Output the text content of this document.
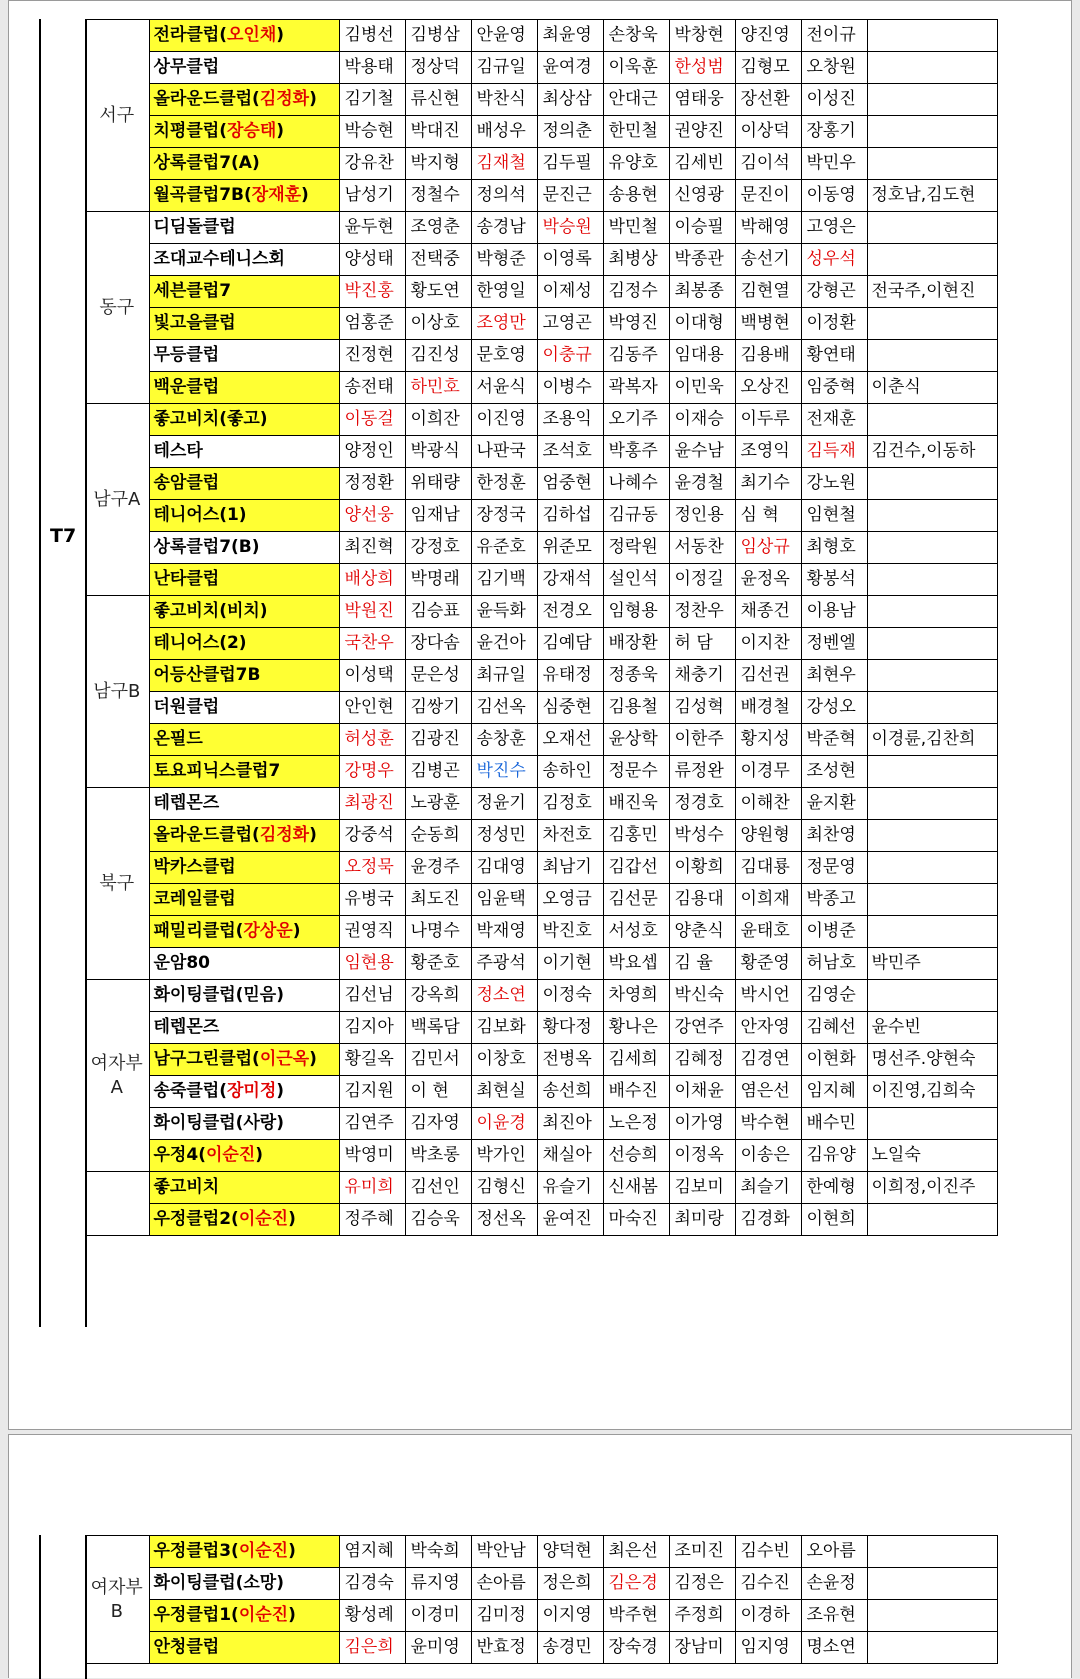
서구	전라클럽(오인채)	김병선	김병삼	안윤영	최윤영	손창욱	박창현	양진영	전이규	
	상무클럽	박용태	정상덕	김규일	윤여경	이욱훈	한성범	김형모	오창원	
	올라운드클럽(김정화)	김기철	류신현	박찬식	최상삼	안대근	염태웅	장선환	이성진	
	치평클럽(장승태)	박승현	박대진	배성우	정의춘	한민철	권양진	이상덕	장홍기	
	상록클럽7(A)	강유찬	박지형	김재철	김두필	유양호	김세빈	김이석	박민우	
	월곡클럽7B(장재훈)	남성기	정철수	정의석	문진근	송용현	신영광	문진이	이동영	정호남,김도현
동구	디딤돌클럽	윤두현	조영춘	송경남	박승원	박민철	이승필	박해영	고영은	
	조대교수테니스회	양성태	전택중	박형준	이영록	최병상	박종관	송선기	성우석	
	세븐클럽7	박진홍	황도연	한영일	이제성	김정수	최봉종	김현열	강형곤	전국주,이현진
	빛고을클럽	엄홍준	이상호	조영만	고영곤	박영진	이대형	백병현	이정환	
	무등클럽	진정현	김진성	문호영	이충규	김동주	임대용	김용배	황연태	
	백운클럽	송전태	하민호	서윤식	이병수	곽복자	이민욱	오상진	임중혁	이춘식
남구A	좋고비치(좋고)	이동걸	이희잔	이진영	조용익	오기주	이재승	이두루	전재훈	
	테스타	양정인	박광식	나판국	조석호	박홍주	윤수남	조영익	김득재	김건수,이동하
	송암클럽	정정환	위태량	한정훈	엄중현	나혜수	윤경철	최기수	강노원	
	테니어스(1)	양선웅	임재남	장정국	김하섭	김규동	정인용	심 혁	임현철	
	상록클럽7(B)	최진혁	강정호	유준호	위준모	정락원	서동찬	임상규	최형호	
	난타클럽	배상희	박명래	김기백	강재석	설인석	이정길	윤정옥	황봉석	
남구B	좋고비치(비치)	박원진	김승표	윤득화	전경오	임형용	정찬우	채종건	이용남	
	테니어스(2)	국찬우	장다솜	윤건아	김예담	배장환	허 담	이지찬	정벤엘	
	어등산클럽7B	이성택	문은성	최규일	유태정	정종욱	채충기	김선권	최현우	
	더원클럽	안인현	김쌍기	김선옥	심중현	김용철	김성혁	배경철	강성오	
	온필드	허성훈	김광진	송창훈	오재선	윤상학	이한주	황지성	박준혁	이경륜,김찬희
	토요피닉스클럽7	강명우	김병곤	박진수	송하인	정문수	류정완	이경무	조성현	
북구	테렙몬즈	최광진	노광훈	정윤기	김정호	배진욱	정경호	이해찬	윤지환	
	올라운드클럽(김정화)	강중석	순동희	정성민	차전호	김홍민	박성수	양원형	최찬영	
	박카스클럽	오정묵	윤경주	김대영	최남기	김갑선	이황희	김대룡	정문영	
	코레일클럽	유병국	최도진	임윤택	오영금	김선문	김용대	이희재	박종고	
	패밀리클럽(강상운)	권영직	나명수	박재영	박진호	서성호	양춘식	윤태호	이병준	
	운암80	임현용	황준호	주광석	이기현	박요셉	김 율	황준영	허남호	박민주
여자부A	화이팅클럽(믿음)	김선님	강옥희	정소연	이정숙	차영희	박신숙	박시언	김영순	
	테렙몬즈	김지아	백록담	김보화	황다정	황나은	강연주	안자영	김혜선	윤수빈
	남구그린클럽(이근옥)	황길옥	김민서	이창호	전병옥	김세희	김혜정	김경연	이현화	명선주.양현숙
	송죽클럽(장미정)	김지원	이 현	최현실	송선희	배수진	이채윤	염은선	임지혜	이진영,김희숙
	화이팅클럽(사랑)	김연주	김자영	이윤경	최진아	노은정	이가영	박수현	배수민	
	우정4(이순진)	박영미	박초롱	박가인	채실아	선승희	이정옥	이송은	김유양	노일숙
	좋고비치	유미희	김선인	김형신	유슬기	신새봄	김보미	최슬기	한예형	이희정,이진주
	우정클럽2(이순진)	정주혜	김승욱	정선옥	윤여진	마숙진	최미랑	김경화	이현희	
T7
여자부B	우정클럽3(이순진)	염지혜	박숙희	박안남	양덕현	최은선	조미진	김수빈	오아름	
	화이팅클럽(소망)	김경숙	류지영	손아름	정은희	김은경	김정은	김수진	손윤정	
	우정클럽1(이순진)	황성례	이경미	김미정	이지영	박주현	주정희	이경하	조유현	
	안청클럽	김은희	윤미영	반효정	송경민	장숙경	장남미	임지영	명소연	
